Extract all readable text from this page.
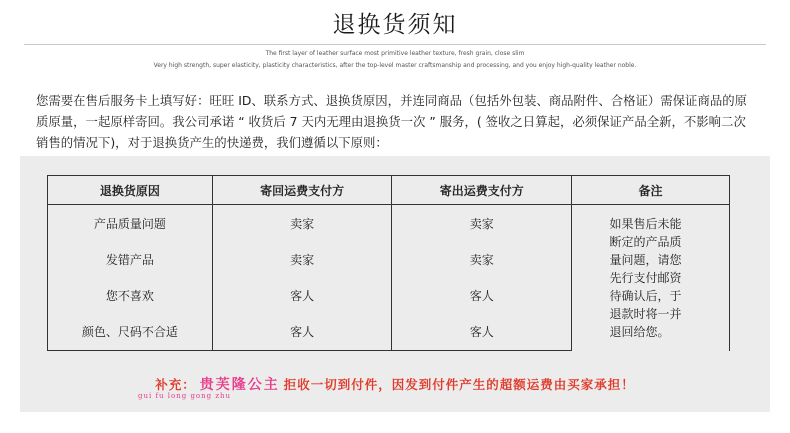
退换货须知
The first layer of leather surface most primitive leather texture, fresh grain, close slim
Very high strength, super elasticity, plasticity characteristics, after the top-level master craftsmanship and processing, and you enjoy high-quality leather noble.
您需要在售后服务卡上填写好：旺旺 ID、联系方式、退换货原因，并连同商品（包括外包装、商品附件、合格证）需保证商品的原质原量，一起原样寄回。我公司承诺 “ 收货后 7 天内无理由退换货一次 ” 服务，( 签收之日算起，必须保证产品全新，不影响二次销售的情况下)，对于退换货产生的快递费，我们遵循以下原则：
退换货原因	寄回运费支付方	寄出运费支付方	备注
产品质量问题	卖家	卖家	如果售后未能断定的产品质量问题，请您先行支付邮资待确认后，于退款时将一并退回给您。

发错产品	卖家	卖家	
您不喜欢	客人	客人	
颜色、尺码不合适	客人	客人	
补充： 贵芙隆公主 拒收一切到付件，因发到付件产生的超额运费由买家承担！
gui fu long gong zhu
